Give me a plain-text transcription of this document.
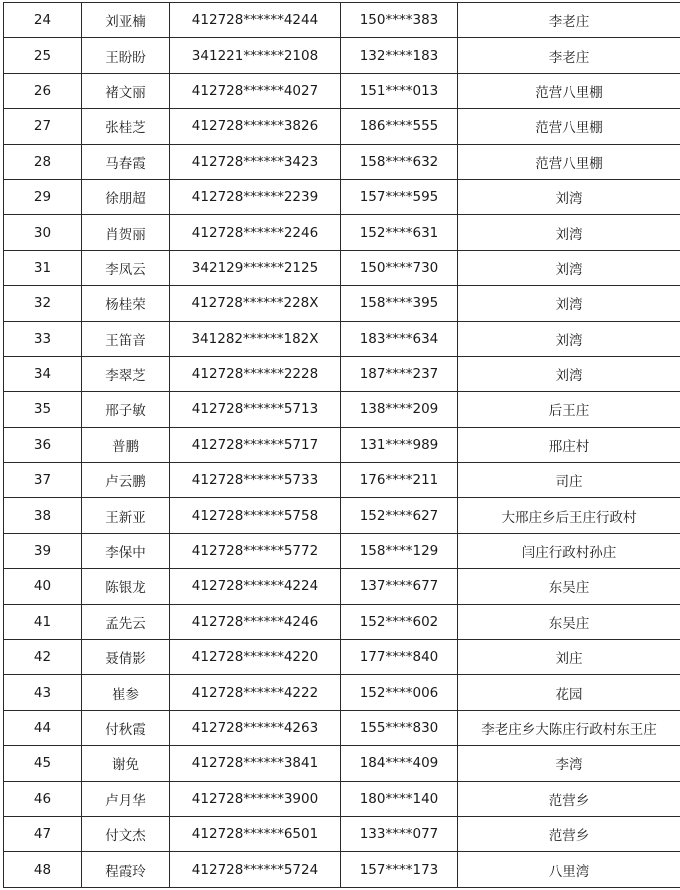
24	刘亚楠	412728******4244	150****383	李老庄
25	王盼盼	341221******2108	132****183	李老庄
26	褚文丽	412728******4027	151****013	范营八里棚
27	张桂芝	412728******3826	186****555	范营八里棚
28	马春霞	412728******3423	158****632	范营八里棚
29	徐朋超	412728******2239	157****595	刘湾
30	肖贺丽	412728******2246	152****631	刘湾
31	李凤云	342129******2125	150****730	刘湾
32	杨桂荣	412728******228X	158****395	刘湾
33	王笛音	341282******182X	183****634	刘湾
34	李翠芝	412728******2228	187****237	刘湾
35	邢子敏	412728******5713	138****209	后王庄
36	普鹏	412728******5717	131****989	邢庄村
37	卢云鹏	412728******5733	176****211	司庄
38	王新亚	412728******5758	152****627	大邢庄乡后王庄行政村
39	李保中	412728******5772	158****129	闫庄行政村孙庄
40	陈银龙	412728******4224	137****677	东吴庄
41	孟先云	412728******4246	152****602	东吴庄
42	聂倩影	412728******4220	177****840	刘庄
43	崔参	412728******4222	152****006	花园
44	付秋霞	412728******4263	155****830	李老庄乡大陈庄行政村东王庄
45	谢免	412728******3841	184****409	李湾
46	卢月华	412728******3900	180****140	范营乡
47	付文杰	412728******6501	133****077	范营乡
48	程霞玲	412728******5724	157****173	八里湾
